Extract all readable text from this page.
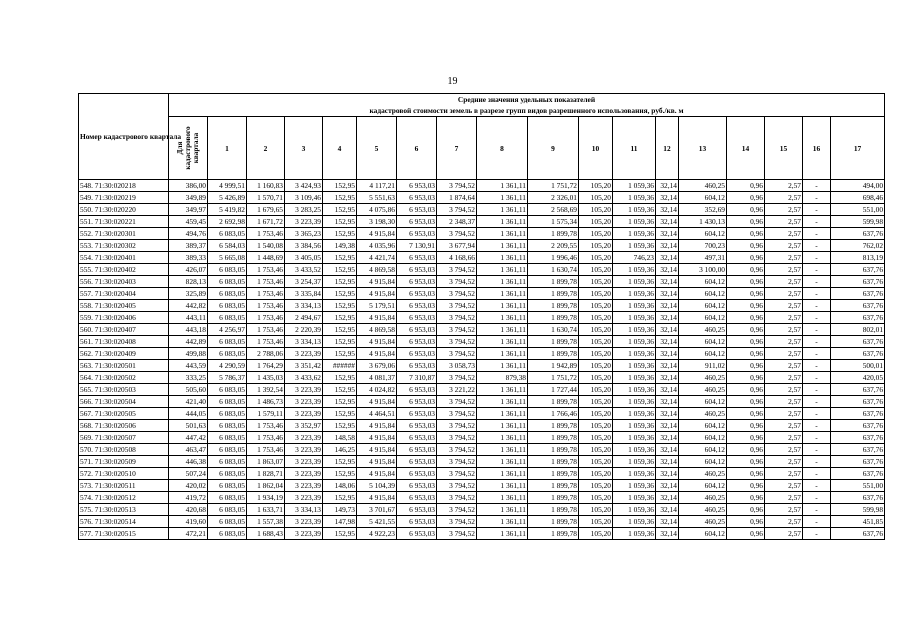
19
Номер кадастрового квартала	Средние значения удельных показателей
кадастровой стоимости земель в разрезе групп видов разрешенного использования, руб./кв. м																	

	Для кадастрового квартала	1	2	3	4	5	6	7	8	9	10	11	12	13	14	15	16	17
548. 71:30:020218	386,00	4 999,51	1 160,83	3 424,93	152,95	4 117,21	6 953,03	3 794,52	1 361,11	1 751,72	105,20	1 059,36	32,14	460,25	0,96	2,57	-	494,00
549. 71:30:020219	349,89	5 426,89	1 570,71	3 109,46	152,95	5 551,63	6 953,03	1 874,64	1 361,11	2 326,01	105,20	1 059,36	32,14	604,12	0,96	2,57	-	698,46
550. 71:30:020220	349,97	5 419,82	1 679,65	3 283,25	152,95	4 075,86	6 953,03	3 794,52	1 361,11	2 568,69	105,20	1 059,36	32,14	352,69	0,96	2,57	-	551,00
551. 71:30:020221	459,45	2 692,98	1 671,72	3 223,39	152,95	3 198,30	6 953,03	2 348,37	1 361,11	1 575,34	105,20	1 059,36	32,14	1 430,13	0,96	2,57	-	599,98
552. 71:30:020301	494,76	6 083,05	1 753,46	3 365,23	152,95	4 915,84	6 953,03	3 794,52	1 361,11	1 899,78	105,20	1 059,36	32,14	604,12	0,96	2,57	-	637,76
553. 71:30:020302	389,37	6 584,03	1 540,08	3 384,56	149,38	4 035,96	7 130,91	3 677,94	1 361,11	2 209,55	105,20	1 059,36	32,14	700,23	0,96	2,57	-	762,02
554. 71:30:020401	389,33	5 665,08	1 448,69	3 405,05	152,95	4 421,74	6 953,03	4 168,66	1 361,11	1 996,46	105,20	746,23	32,14	497,31	0,96	2,57	-	813,19
555. 71:30:020402	426,07	6 083,05	1 753,46	3 433,52	152,95	4 869,58	6 953,03	3 794,52	1 361,11	1 630,74	105,20	1 059,36	32,14	3 100,00	0,96	2,57	-	637,76
556. 71:30:020403	828,13	6 083,05	1 753,46	3 254,37	152,95	4 915,84	6 953,03	3 794,52	1 361,11	1 899,78	105,20	1 059,36	32,14	604,12	0,96	2,57	-	637,76
557. 71:30:020404	325,89	6 083,05	1 753,46	3 335,84	152,95	4 915,84	6 953,03	3 794,52	1 361,11	1 899,78	105,20	1 059,36	32,14	604,12	0,96	2,57	-	637,76
558. 71:30:020405	442,82	6 083,05	1 753,46	3 334,13	152,95	5 179,51	6 953,03	3 794,52	1 361,11	1 899,78	105,20	1 059,36	32,14	604,12	0,96	2,57	-	637,76
559. 71:30:020406	443,11	6 083,05	1 753,46	2 494,67	152,95	4 915,84	6 953,03	3 794,52	1 361,11	1 899,78	105,20	1 059,36	32,14	604,12	0,96	2,57	-	637,76
560. 71:30:020407	443,18	4 256,97	1 753,46	2 220,39	152,95	4 869,58	6 953,03	3 794,52	1 361,11	1 630,74	105,20	1 059,36	32,14	460,25	0,96	2,57	-	802,01
561. 71:30:020408	442,89	6 083,05	1 753,46	3 334,13	152,95	4 915,84	6 953,03	3 794,52	1 361,11	1 899,78	105,20	1 059,36	32,14	604,12	0,96	2,57	-	637,76
562. 71:30:020409	499,88	6 083,05	2 788,06	3 223,39	152,95	4 915,84	6 953,03	3 794,52	1 361,11	1 899,78	105,20	1 059,36	32,14	604,12	0,96	2,57	-	637,76
563. 71:30:020501	443,59	4 290,59	1 764,29	3 351,42	######	3 679,06	6 953,03	3 058,73	1 361,11	1 942,89	105,20	1 059,36	32,14	911,02	0,96	2,57	-	500,01
564. 71:30:020502	333,25	5 786,37	1 435,03	3 433,62	152,95	4 081,37	7 310,87	3 794,52	879,38	1 751,72	105,20	1 059,36	32,14	460,25	0,96	2,57	-	420,05
565. 71:30:020503	505,60	6 083,05	1 392,54	3 223,39	152,95	4 024,82	6 953,03	3 221,22	1 361,11	1 727,44	105,20	1 059,36	32,14	460,25	0,96	2,57	-	637,76
566. 71:30:020504	421,40	6 083,05	1 486,73	3 223,39	152,95	4 915,84	6 953,03	3 794,52	1 361,11	1 899,78	105,20	1 059,36	32,14	604,12	0,96	2,57	-	637,76
567. 71:30:020505	444,05	6 083,05	1 579,11	3 223,39	152,95	4 464,51	6 953,03	3 794,52	1 361,11	1 766,46	105,20	1 059,36	32,14	460,25	0,96	2,57	-	637,76
568. 71:30:020506	501,63	6 083,05	1 753,46	3 352,97	152,95	4 915,84	6 953,03	3 794,52	1 361,11	1 899,78	105,20	1 059,36	32,14	604,12	0,96	2,57	-	637,76
569. 71:30:020507	447,42	6 083,05	1 753,46	3 223,39	148,58	4 915,84	6 953,03	3 794,52	1 361,11	1 899,78	105,20	1 059,36	32,14	604,12	0,96	2,57	-	637,76
570. 71:30:020508	463,47	6 083,05	1 753,46	3 223,39	146,25	4 915,84	6 953,03	3 794,52	1 361,11	1 899,78	105,20	1 059,36	32,14	604,12	0,96	2,57	-	637,76
571. 71:30:020509	446,38	6 083,05	1 863,07	3 223,39	152,95	4 915,84	6 953,03	3 794,52	1 361,11	1 899,78	105,20	1 059,36	32,14	604,12	0,96	2,57	-	637,76
572. 71:30:020510	507,24	6 083,05	1 828,71	3 223,39	152,95	4 915,84	6 953,03	3 794,52	1 361,11	1 899,78	105,20	1 059,36	32,14	460,25	0,96	2,57	-	637,76
573. 71:30:020511	420,02	6 083,05	1 862,04	3 223,39	148,06	5 104,39	6 953,03	3 794,52	1 361,11	1 899,78	105,20	1 059,36	32,14	604,12	0,96	2,57	-	551,00
574. 71:30:020512	419,72	6 083,05	1 934,19	3 223,39	152,95	4 915,84	6 953,03	3 794,52	1 361,11	1 899,78	105,20	1 059,36	32,14	460,25	0,96	2,57	-	637,76
575. 71:30:020513	420,68	6 083,05	1 633,71	3 334,13	149,73	3 701,67	6 953,03	3 794,52	1 361,11	1 899,78	105,20	1 059,36	32,14	460,25	0,96	2,57	-	599,98
576. 71:30:020514	419,60	6 083,05	1 557,38	3 223,39	147,98	5 421,55	6 953,03	3 794,52	1 361,11	1 899,78	105,20	1 059,36	32,14	460,25	0,96	2,57	-	451,85
577. 71:30:020515	472,21	6 083,05	1 688,43	3 223,39	152,95	4 922,23	6 953,03	3 794,52	1 361,11	1 899,78	105,20	1 059,36	32,14	604,12	0,96	2,57	-	637,76
